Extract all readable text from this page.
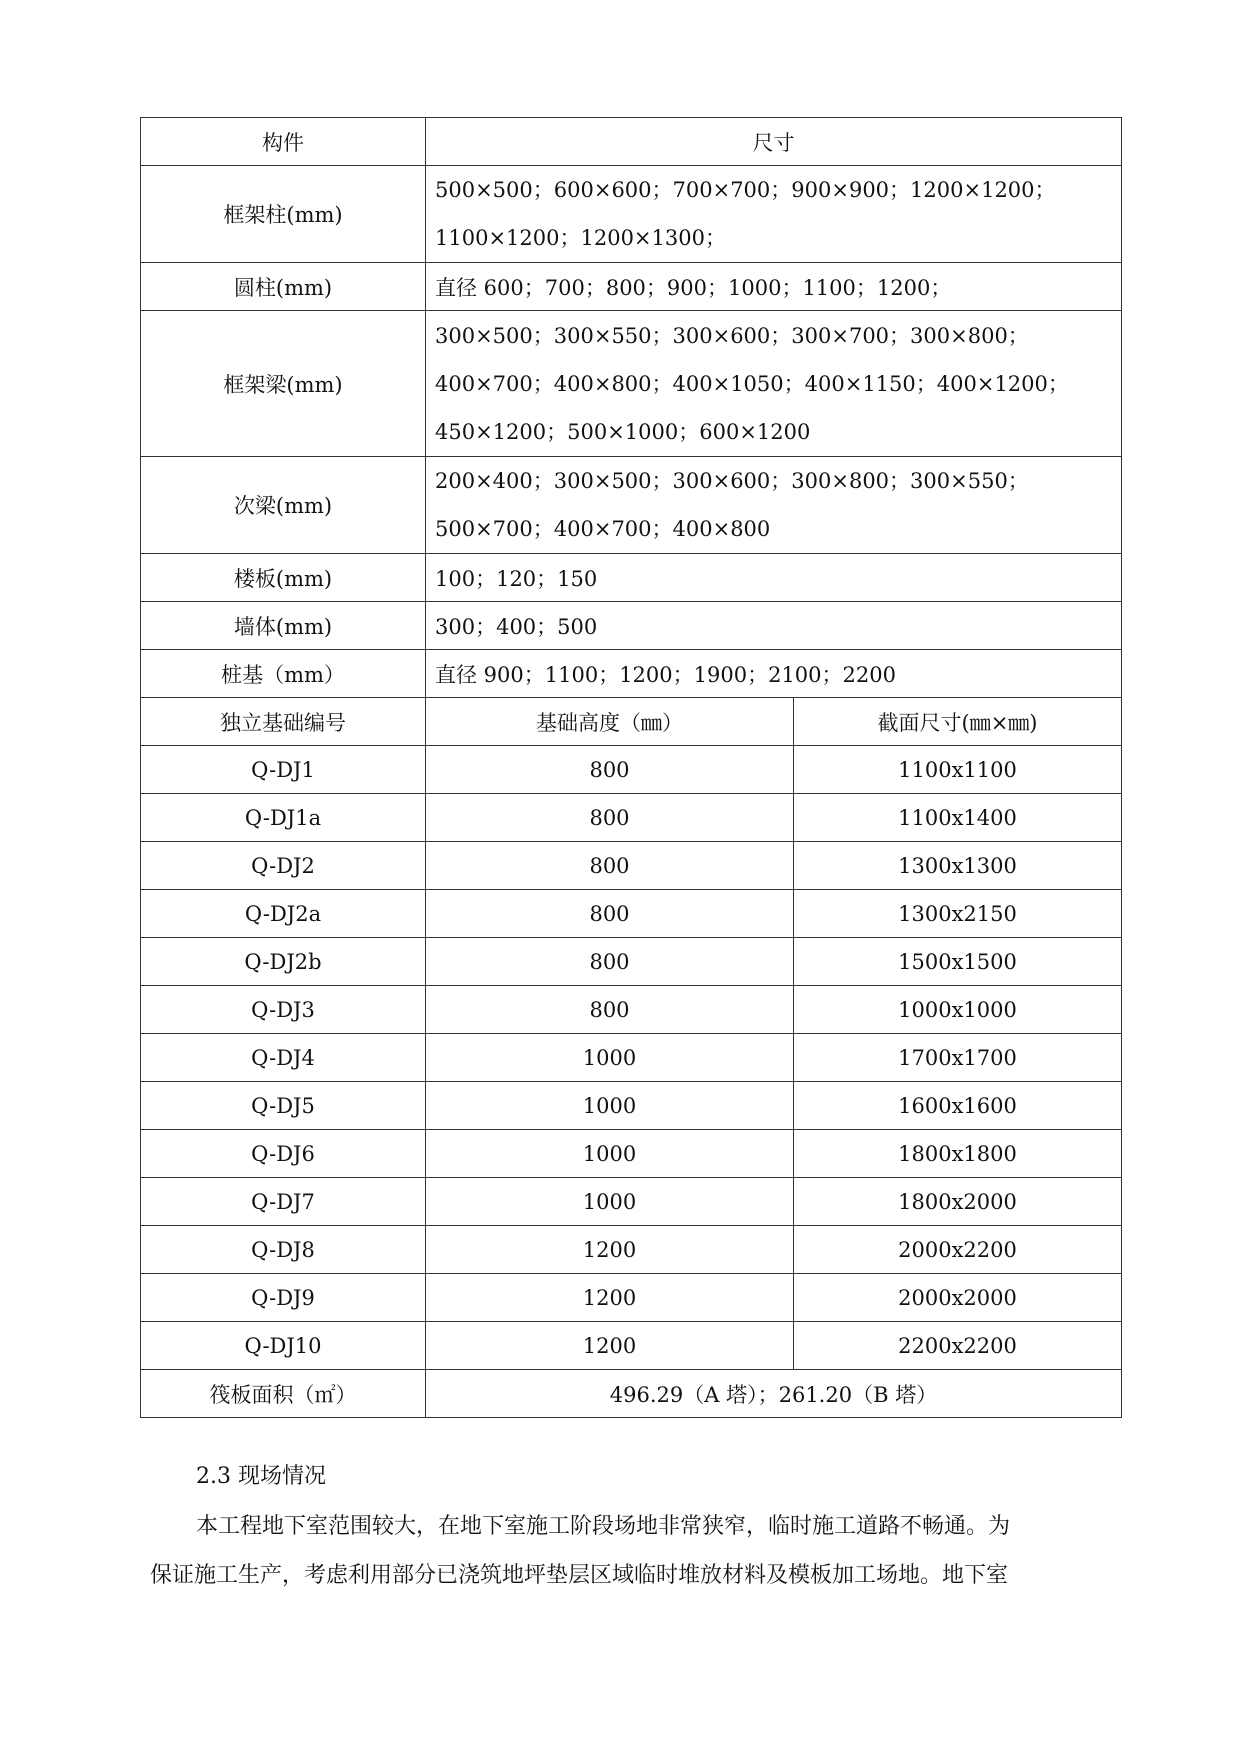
构件	尺寸	
框架柱(mm)	500×500；600×600；700×700；900×900；1200×1200；1100×1200；1200×1300；	
圆柱(mm)	直径 600；700；800；900；1000；1100；1200；	
框架梁(mm)	300×500；300×550；300×600；300×700；300×800；400×700；400×800；400×1050；400×1150；400×1200；450×1200；500×1000；600×1200	
次梁(mm)	200×400；300×500；300×600；300×800；300×550；500×700；400×700；400×800	
楼板(mm)	100；120；150	
墙体(mm)	300；400；500	
桩基（mm）	直径 900；1100；1200；1900；2100；2200	
独立基础编号	基础高度（㎜）	截面尺寸(㎜×㎜)
Q-DJ1	800	1100x1100
Q-DJ1a	800	1100x1400
Q-DJ2	800	1300x1300
Q-DJ2a	800	1300x2150
Q-DJ2b	800	1500x1500
Q-DJ3	800	1000x1000
Q-DJ4	1000	1700x1700
Q-DJ5	1000	1600x1600
Q-DJ6	1000	1800x1800
Q-DJ7	1000	1800x2000
Q-DJ8	1200	2000x2200
Q-DJ9	1200	2000x2000
Q-DJ10	1200	2200x2200
筏板面积（㎡）	496.29（A 塔）；261.20（B 塔）	
2.3 现场情况
本工程地下室范围较大，在地下室施工阶段场地非常狭窄，临时施工道路不畅通。为
保证施工生产，考虑利用部分已浇筑地坪垫层区域临时堆放材料及模板加工场地。地下室
